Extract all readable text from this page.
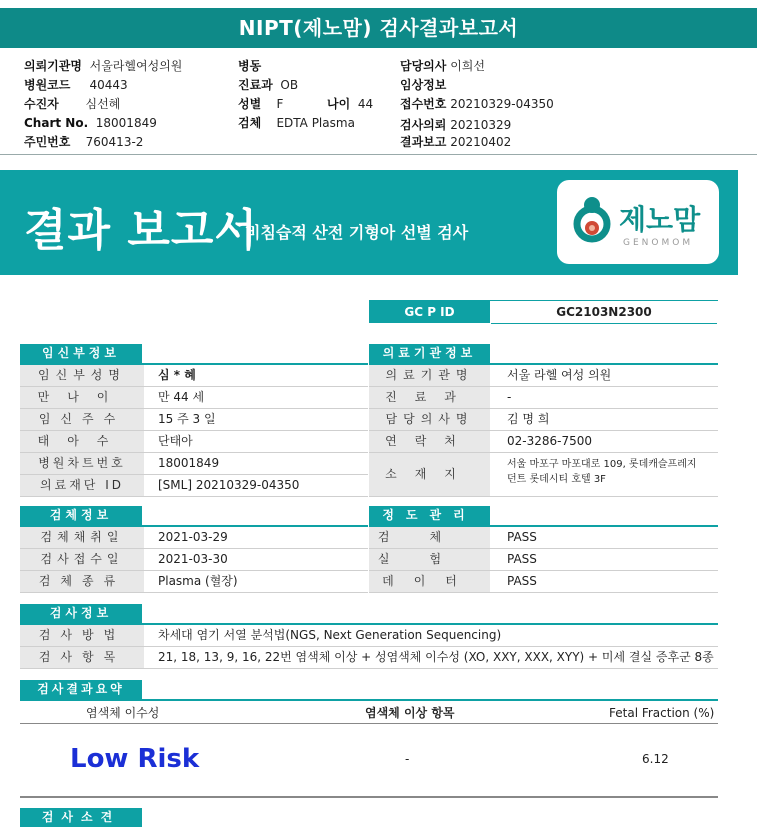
NIPT(제노맘) 검사결과보고서
의뢰기관명 서울라헬여성의원
병원코드 40443
수진자 심선혜
Chart No. 18001849
주민번호 760413-2
병동
진료과 OB
성별 F	나이 44
검체 EDTA Plasma
담당의사 이희선
임상정보
접수번호 20210329-04350
검사의뢰 20210329
결과보고 20210402
결과 보고서
비침습적 산전 기형아 선별 검사	제노맘
GENOMOM
GC P ID	GC2103N2300
임신부정보
임신부성명	심 * 혜
만나이	만 44 세
임신주수	15 주 3 일
태아수	단태아
병원차트번호	18001849
의료재단 ID	[SML] 20210329-04350
의료기관정보
의료기관명	서울 라헬 여성 의원
진료과	-
담당의사명	김 명 희
연락처	02-3286-7500
소재지
서울 마포구 마포대로 109, 롯데캐슬프레지
던트 롯데시티 호텔 3F
검체정보
검체채취일	2021-03-29
검사접수일	2021-03-30
검체종류	Plasma (혈장)
정도관리
검체	PASS
실험	PASS
데이터	PASS
검사정보
검사방법	차세대 염기 서열 분석법(NGS, Next Generation Sequencing)
검사항목	21, 18, 13, 9, 16, 22번 염색체 이상 + 성염색체 이수성 (XO, XXY, XXX, XYY) + 미세 결실 증후군 8종
검사결과요약
염색체 이수성	염색체 이상 항목	Fetal Fraction (%)
Low Risk	-	6.12
검사소견
